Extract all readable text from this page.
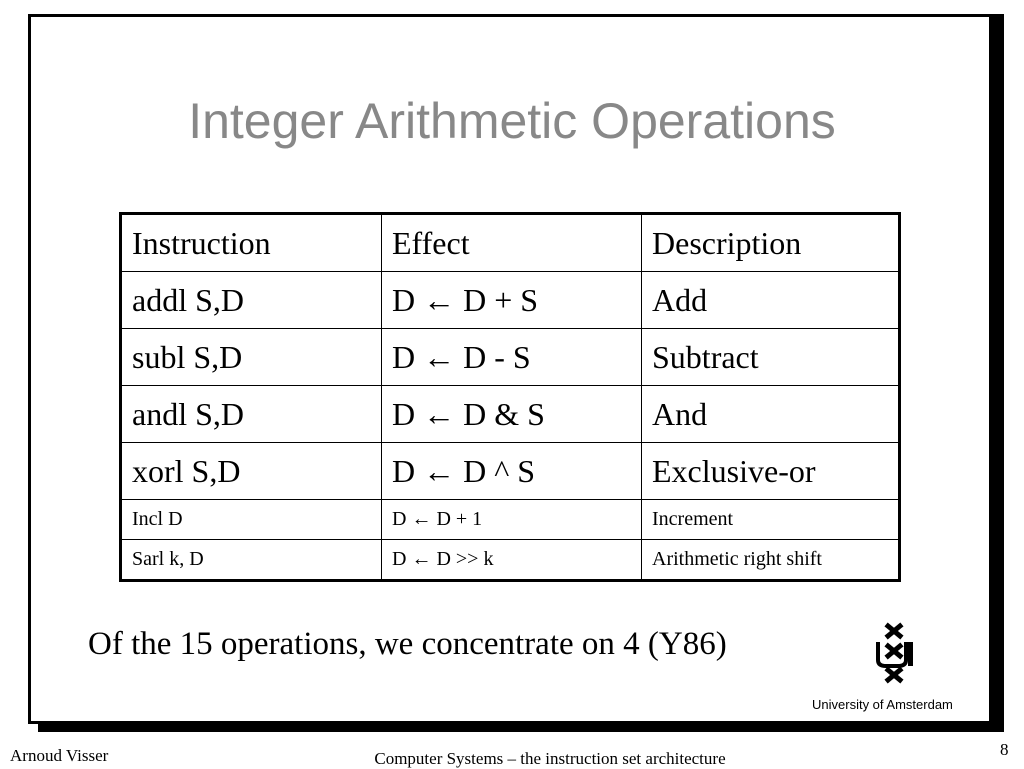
Integer Arithmetic Operations
Instruction	Effect	Description
addl S,D	D ← D + S	Add
subl S,D	D ← D - S	Subtract
andl S,D	D ← D & S	And
xorl S,D	D ← D ^ S	Exclusive-or
Incl D	D ← D + 1	Increment
Sarl k, D	D ← D >> k	Arithmetic right shift
Of the 15 operations, we concentrate on 4 (Y86)
University of Amsterdam
Arnoud Visser	Computer Systems – the instruction set architecture	8
